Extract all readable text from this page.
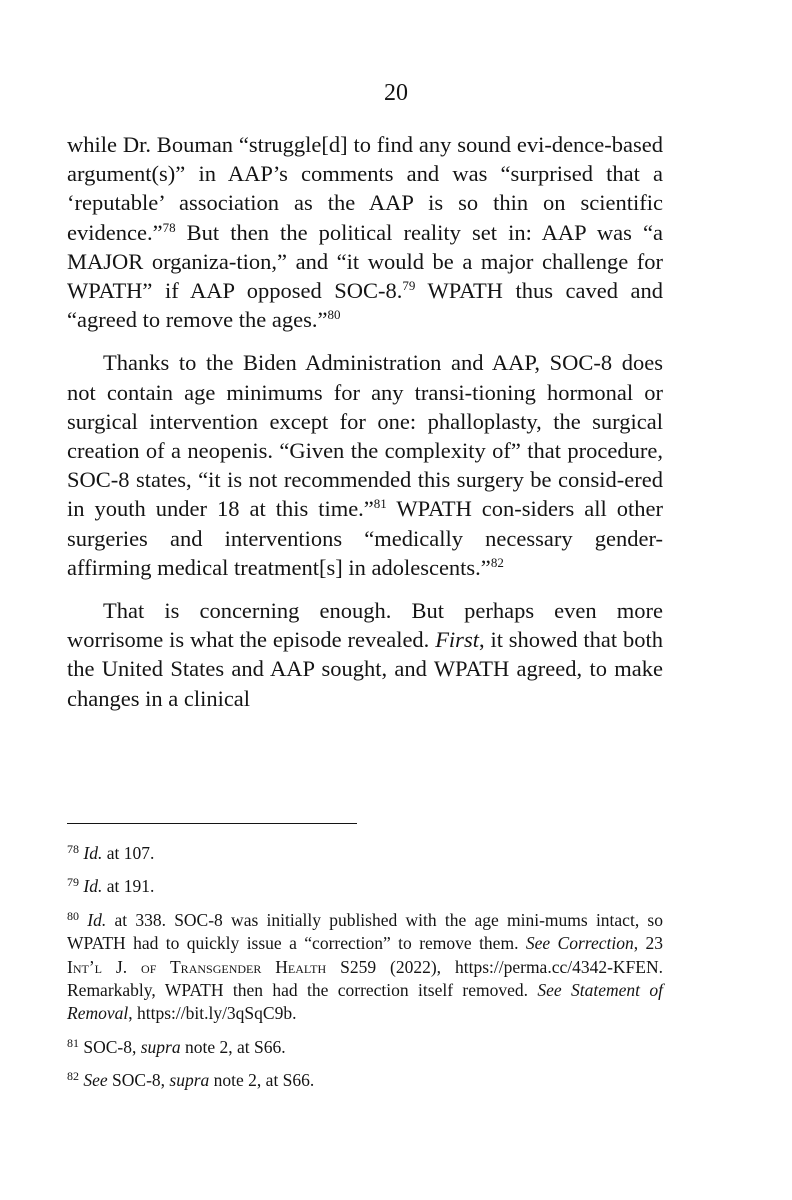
20

while Dr. Bouman “struggle[d] to find any sound evi-dence-based argument(s)” in AAP’s comments and was “surprised that a ‘reputable’ association as the AAP is so thin on scientific evidence.”$^{78}$ But then the political reality set in: AAP was “a MAJOR organiza-tion,” and “it would be a major challenge for WPATH” if AAP opposed SOC-8.79 WPATH thus caved and “agreed to remove the ages.”$^{80}$

Thanks to the Biden Administration and AAP, SOC-8 does not contain age minimums for any transi-tioning hormonal or surgical intervention except for one: phalloplasty, the surgical creation of a neopenis. “Given the complexity of” that procedure, SOC-8 states, “it is not recommended this surgery be consid-ered in youth under 18 at this time.”$^{81}$ WPATH con-siders all other surgeries and interventions “medically necessary gender-affirming medical treatment[s] in adolescents.”$^{82}$

That is concerning enough. But perhaps even more worrisome is what the episode revealed. First, it showed that both the United States and AAP sought, and WPATH agreed, to make changes in a clinical

$^{78}$ Id. at 107.
$^{79}$ Id. at 191.
$^{80}$ Id. at 338. SOC-8 was initially published with the age mini-mums intact, so WPATH had to quickly issue a “correction” to remove them. See Correction, 23 Int’l J. of Transgender Health S259 (2022), https://perma.cc/4342-KFEN. Remarkably, WPATH then had the correction itself removed. See Statement of Removal, https://bit.ly/3qSqC9b.
$^{81}$ SOC-8, supra note 2, at S66.
$^{82}$ See SOC-8, supra note 2, at S66.
